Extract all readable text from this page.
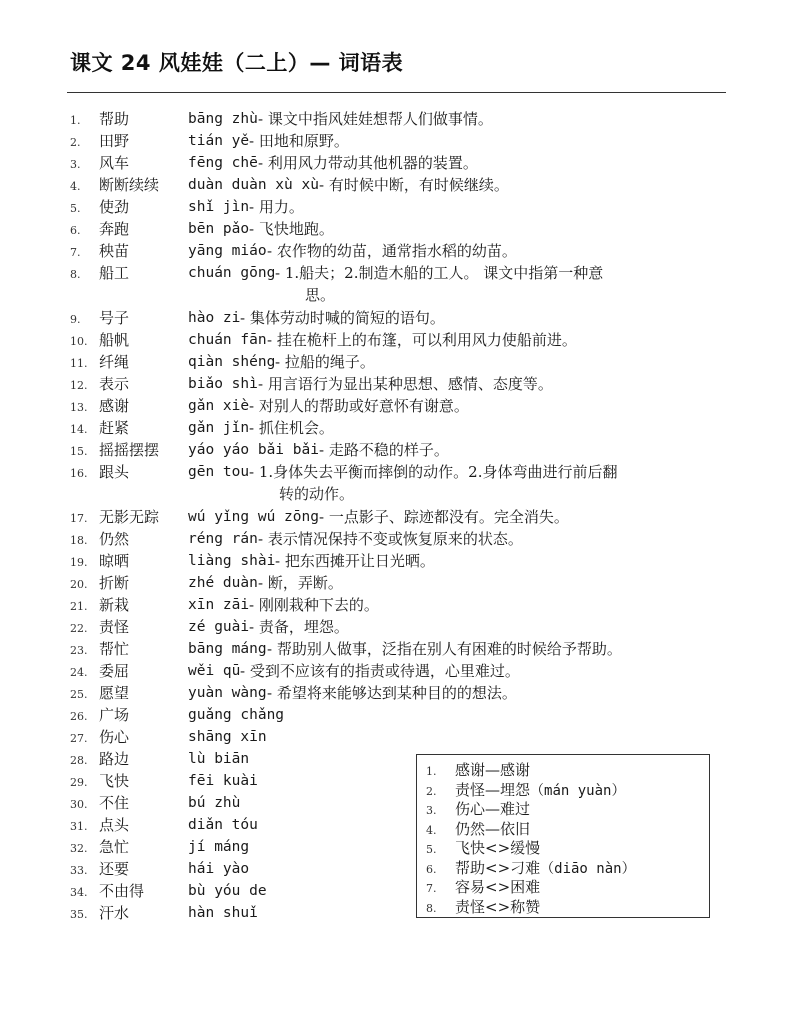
课文 24 风娃娃（二上）— 词语表
1. 帮助	bāng zhù - 课文中指风娃娃想帮人们做事情。
2. 田野	tián yě - 田地和原野。
3. 风车	fēng chē - 利用风力带动其他机器的装置。
4. 断断续续 duàn duàn xù xù - 有时候中断，有时候继续。
5. 使劲	shǐ jìn - 用力。
6. 奔跑	bēn pǎo - 飞快地跑。
7. 秧苗	yāng miáo - 农作物的幼苗，通常指水稻的幼苗。
8. 船工	chuán gōng - 1.船夫；2.制造木船的工人。 课文中指第一种意
思。
9. 号子	hào zi - 集体劳动时喊的简短的语句。
10. 船帆	chuán fān - 挂在桅杆上的布篷，可以利用风力使船前进。
11. 纤绳	qiàn shéng - 拉船的绳子。
12. 表示	biǎo shì - 用言语行为显出某种思想、感情、态度等。
13. 感谢	gǎn xiè - 对别人的帮助或好意怀有谢意。
14. 赶紧	gǎn jǐn - 抓住机会。
15. 摇摇摆摆 yáo yáo bǎi bǎi - 走路不稳的样子。
16. 跟头	gēn tou - 1.身体失去平衡而摔倒的动作。2.身体弯曲进行前后翻
转的动作。
17. 无影无踪 wú yǐng wú zōng - 一点影子、踪迹都没有。完全消失。
18. 仍然	réng rán - 表示情况保持不变或恢复原来的状态。
19. 晾晒	liàng shài - 把东西摊开让日光晒。
20. 折断	zhé duàn - 断，弄断。
21. 新栽	xīn zāi - 刚刚栽种下去的。
22. 责怪	zé guài - 责备，埋怨。
23. 帮忙	bāng máng - 帮助别人做事，泛指在别人有困难的时候给予帮助。
24. 委屈	wěi qū - 受到不应该有的指责或待遇，心里难过。
25. 愿望	yuàn wàng - 希望将来能够达到某种目的的想法。
26. 广场	guǎng chǎng
27. 伤心	shāng xīn
28. 路边	lù biān
29. 飞快	fēi kuài
30. 不住	bú zhù
31. 点头	diǎn tóu
32. 急忙	jí máng
33. 还要	hái yào
34. 不由得	bù yóu de
35. 汗水	hàn shuǐ
1. 感谢—感谢
2. 责怪—埋怨（mán yuàn）
3. 伤心—难过
4. 仍然—依旧
5. 飞快<>缓慢
6. 帮助<>刁难（diāo nàn）
7. 容易<>困难
8. 责怪<>称赞
